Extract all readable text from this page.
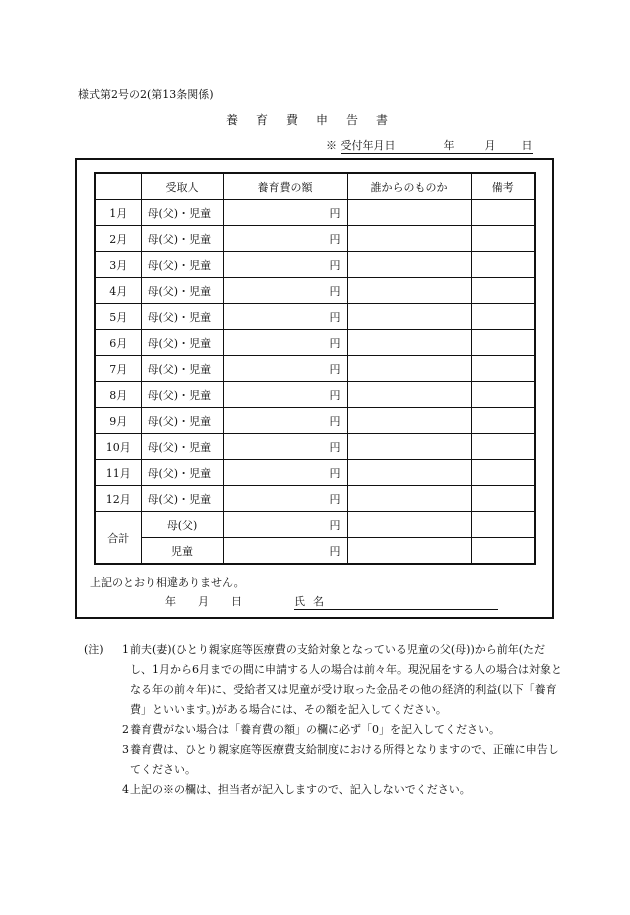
様式第2号の2(第13条関係)
養育費申告書
※ 受付年月日	年	月 日
	受取人	養育費の額	誰からのものか	備考
1月	母(父)・児童	円		
2月	母(父)・児童	円		
3月	母(父)・児童	円		
4月	母(父)・児童	円		
5月	母(父)・児童	円		
6月	母(父)・児童	円		
7月	母(父)・児童	円		
8月	母(父)・児童	円		
9月	母(父)・児童	円		
10月	母(父)・児童	円		
11月	母(父)・児童	円		
12月	母(父)・児童	円		
合計	母(父)	円		
	児童	円		
上記のとおり相違ありません。
年 月 日	氏名
(注) 1 前夫(妻)(ひとり親家庭等医療費の支給対象となっている児童の父(母))から前年(ただし、1月から6月までの間に申請する人の場合は前々年。現況届をする人の場合は対象となる年の前々年)に、受給者又は児童が受け取った金品その他の経済的利益(以下「養育費」といいます。)がある場合には、その額を記入してください。
2 養育費がない場合は「養育費の額」の欄に必ず「0」を記入してください。
3 養育費は、ひとり親家庭等医療費支給制度における所得となりますので、正確に申告してください。
4 上記の※の欄は、担当者が記入しますので、記入しないでください。
